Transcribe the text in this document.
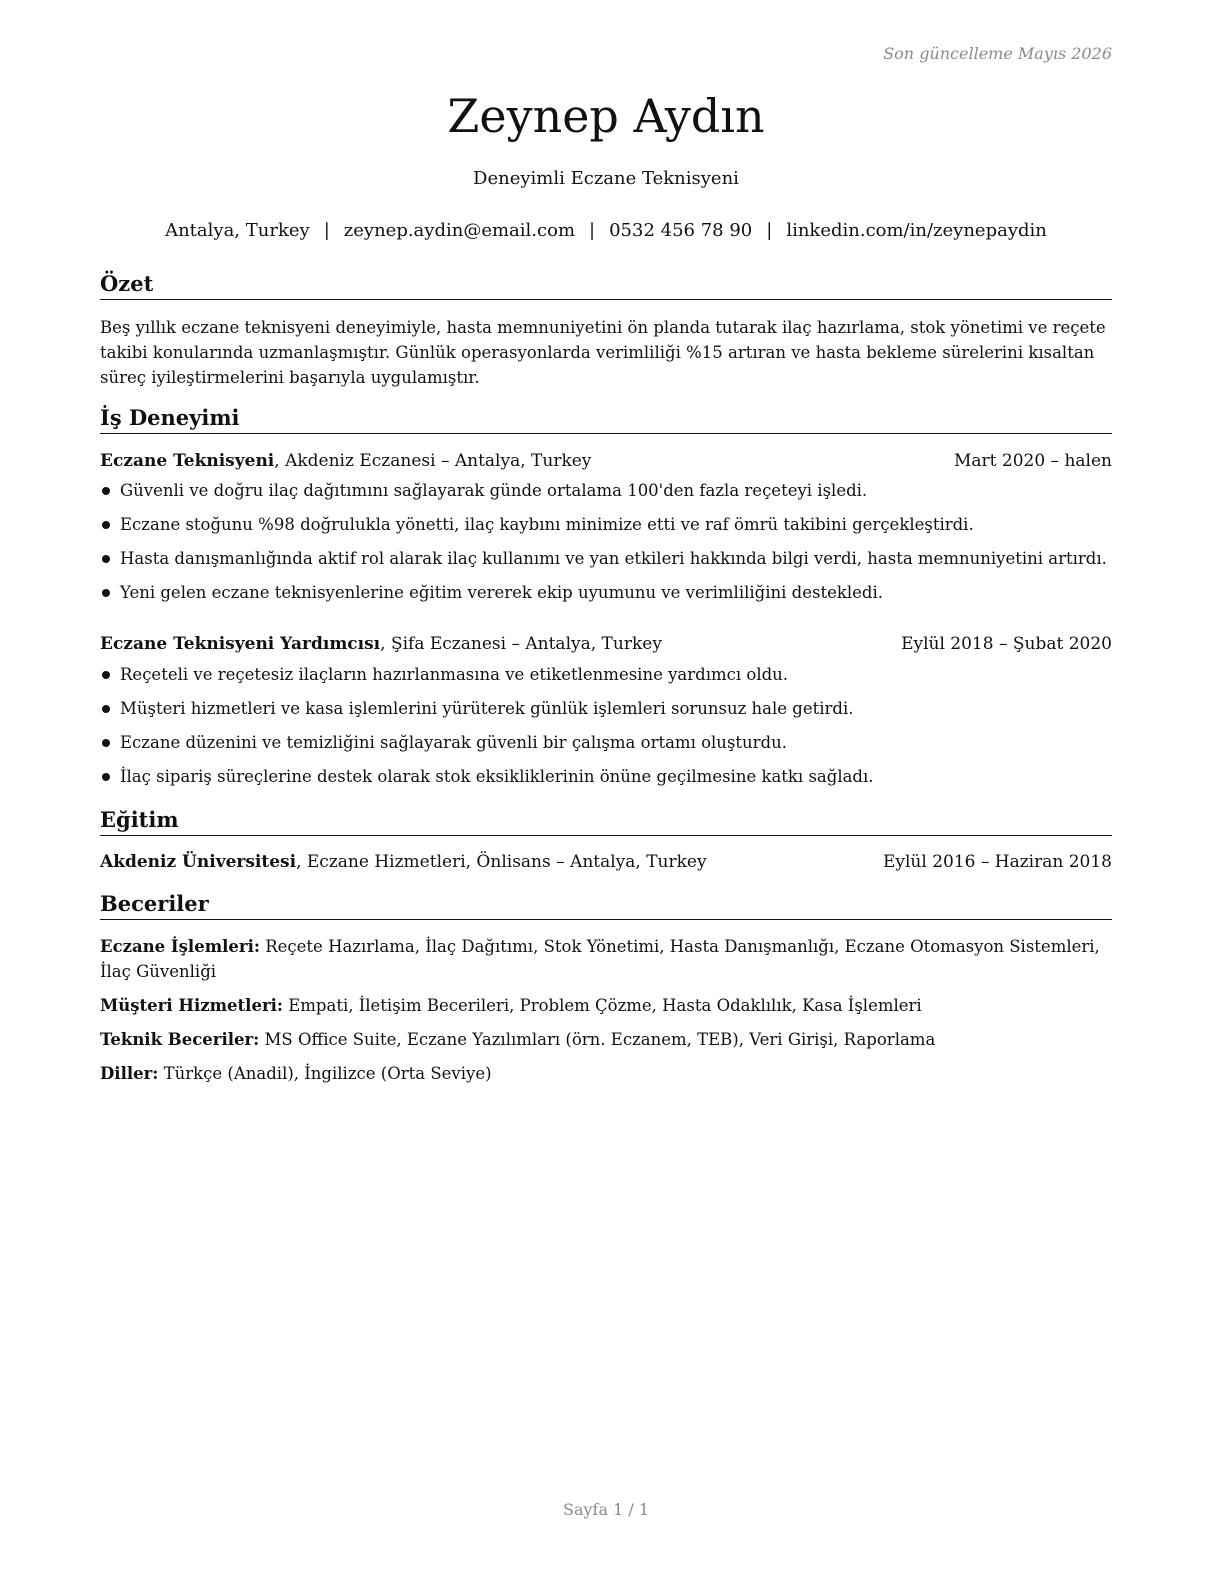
Son güncelleme Mayıs 2026
Zeynep Aydın
Deneyimli Eczane Teknisyeni
Antalya, Turkey | zeynep.aydin@email.com | 0532 456 78 90 | linkedin.com/in/zeynepaydin
Özet
Beş yıllık eczane teknisyeni deneyimiyle, hasta memnuniyetini ön planda tutarak ilaç hazırlama, stok yönetimi ve reçete takibi konularında uzmanlaşmıştır. Günlük operasyonlarda verimliliği %15 artıran ve hasta bekleme sürelerini kısaltan süreç iyileştirmelerini başarıyla uygulamıştır.
İş Deneyimi
Eczane Teknisyeni, Akdeniz Eczanesi – Antalya, Turkey	Mart 2020 – halen
Güvenli ve doğru ilaç dağıtımını sağlayarak günde ortalama 100'den fazla reçeteyi işledi.
Eczane stoğunu %98 doğrulukla yönetti, ilaç kaybını minimize etti ve raf ömrü takibini gerçekleştirdi.
Hasta danışmanlığında aktif rol alarak ilaç kullanımı ve yan etkileri hakkında bilgi verdi, hasta memnuniyetini artırdı.
Yeni gelen eczane teknisyenlerine eğitim vererek ekip uyumunu ve verimliliğini destekledi.
Eczane Teknisyeni Yardımcısı, Şifa Eczanesi – Antalya, Turkey	Eylül 2018 – Şubat 2020
Reçeteli ve reçetesiz ilaçların hazırlanmasına ve etiketlenmesine yardımcı oldu.
Müşteri hizmetleri ve kasa işlemlerini yürüterek günlük işlemleri sorunsuz hale getirdi.
Eczane düzenini ve temizliğini sağlayarak güvenli bir çalışma ortamı oluşturdu.
İlaç sipariş süreçlerine destek olarak stok eksikliklerinin önüne geçilmesine katkı sağladı.
Eğitim
Akdeniz Üniversitesi, Eczane Hizmetleri, Önlisans – Antalya, Turkey	Eylül 2016 – Haziran 2018
Beceriler
Eczane İşlemleri: Reçete Hazırlama, İlaç Dağıtımı, Stok Yönetimi, Hasta Danışmanlığı, Eczane Otomasyon Sistemleri, İlaç Güvenliği
Müşteri Hizmetleri: Empati, İletişim Becerileri, Problem Çözme, Hasta Odaklılık, Kasa İşlemleri
Teknik Beceriler: MS Office Suite, Eczane Yazılımları (örn. Eczanem, TEB), Veri Girişi, Raporlama
Diller: Türkçe (Anadil), İngilizce (Orta Seviye)
Sayfa 1 / 1
